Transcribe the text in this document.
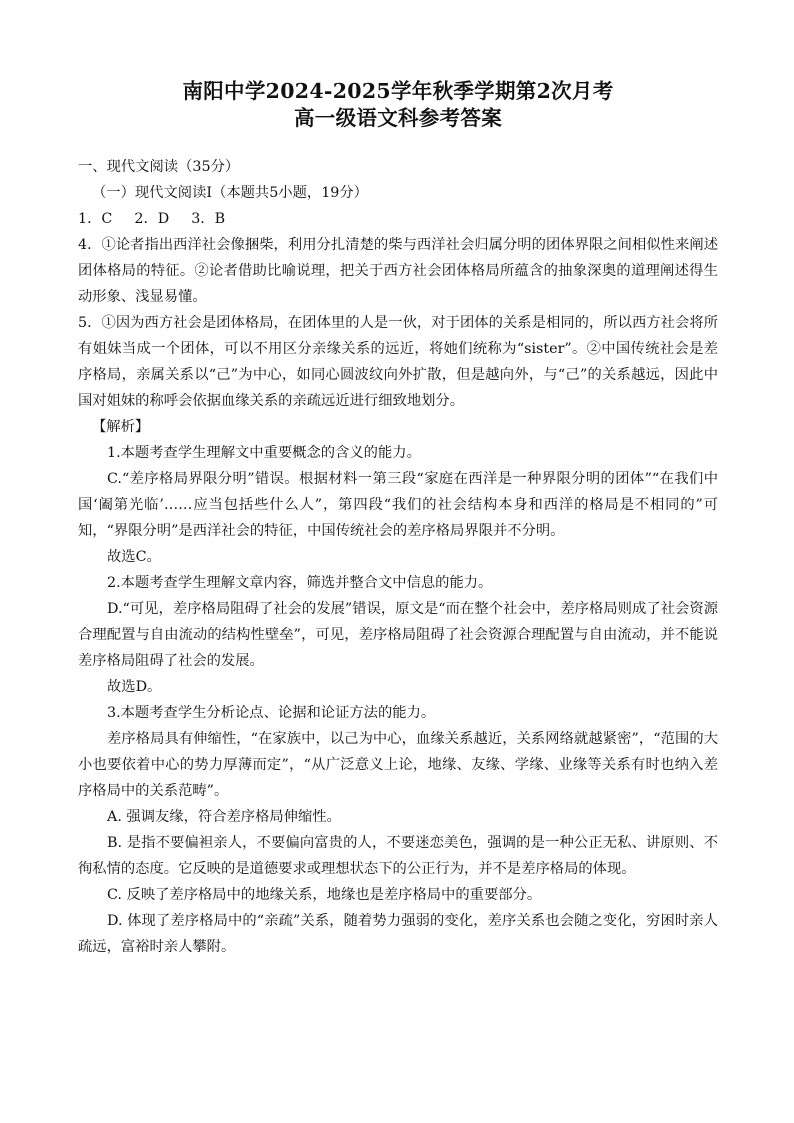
南阳中学2024-2025学年秋季学期第2次月考
高一级语文科参考答案

一、现代文阅读（35分）

（一）现代文阅读Ⅰ（本题共5小题，19分）

1．C 2．D 3．B

4．①论者指出西洋社会像捆柴，利用分扎清楚的柴与西洋社会归属分明的团体界限之间相似性来阐述团体格局的特征。②论者借助比喻说理，把关于西方社会团体格局所蕴含的抽象深奥的道理阐述得生动形象、浅显易懂。

5．①因为西方社会是团体格局，在团体里的人是一伙，对于团体的关系是相同的，所以西方社会将所有姐妹当成一个团体，可以不用区分亲缘关系的远近，将她们统称为“sister”。②中国传统社会是差序格局，亲属关系以“己”为中心，如同心圆波纹向外扩散，但是越向外，与“己”的关系越远，因此中国对姐妹的称呼会依据血缘关系的亲疏远近进行细致地划分。

【解析】

1.本题考查学生理解文中重要概念的含义的能力。

C.“差序格局界限分明”错误。根据材料一第三段“家庭在西洋是一种界限分明的团体”“在我们中国‘阖第光临’……应当包括些什么人”，第四段“我们的社会结构本身和西洋的格局是不相同的”可知，“界限分明”是西洋社会的特征，中国传统社会的差序格局界限并不分明。

故选C。

2.本题考查学生理解文章内容，筛选并整合文中信息的能力。

D.“可见，差序格局阻碍了社会的发展”错误，原文是“而在整个社会中，差序格局则成了社会资源合理配置与自由流动的结构性壁垒”，可见，差序格局阻碍了社会资源合理配置与自由流动，并不能说差序格局阻碍了社会的发展。

故选D。

3.本题考查学生分析论点、论据和论证方法的能力。

差序格局具有伸缩性，“在家族中，以己为中心，血缘关系越近，关系网络就越紧密”，“范围的大小也要依着中心的势力厚薄而定”，“从广泛意义上论，地缘、友缘、学缘、业缘等关系有时也纳入差序格局中的关系范畴”。

A. 强调友缘，符合差序格局伸缩性。

B. 是指不要偏袒亲人，不要偏向富贵的人，不要迷恋美色，强调的是一种公正无私、讲原则、不徇私情的态度。它反映的是道德要求或理想状态下的公正行为，并不是差序格局的体现。

C. 反映了差序格局中的地缘关系，地缘也是差序格局中的重要部分。

D. 体现了差序格局中的“亲疏”关系，随着势力强弱的变化，差序关系也会随之变化，穷困时亲人疏远，富裕时亲人攀附。
